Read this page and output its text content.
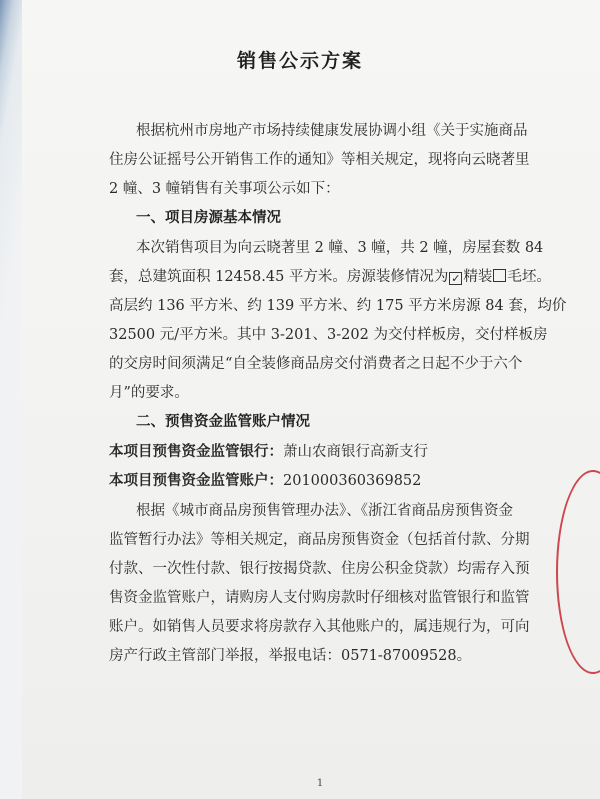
销售公示方案
根据杭州市房地产市场持续健康发展协调小组《关于实施商品
住房公证摇号公开销售工作的通知》等相关规定，现将向云晓著里
2 幢、3 幢销售有关事项公示如下：
一、项目房源基本情况
本次销售项目为向云晓著里 2 幢、3 幢，共 2 幢，房屋套数 84
套，总建筑面积 12458.45 平方米。房源装修情况为 ✓ 精装 毛坯。
高层约 136 平方米、约 139 平方米、约 175 平方米房源 84 套，均价
32500 元/平方米。其中 3-201、3-202 为交付样板房，交付样板房
的交房时间须满足“自全装修商品房交付消费者之日起不少于六个
月”的要求。
二、预售资金监管账户情况
本项目预售资金监管银行：萧山农商银行高新支行
本项目预售资金监管账户：201000360369852
根据《城市商品房预售管理办法》、《浙江省商品房预售资金
监管暂行办法》等相关规定，商品房预售资金（包括首付款、分期
付款、一次性付款、银行按揭贷款、住房公积金贷款）均需存入预
售资金监管账户，请购房人支付购房款时仔细核对监管银行和监管
账户。如销售人员要求将房款存入其他账户的，属违规行为，可向
房产行政主管部门举报，举报电话：0571-87009528。
1
